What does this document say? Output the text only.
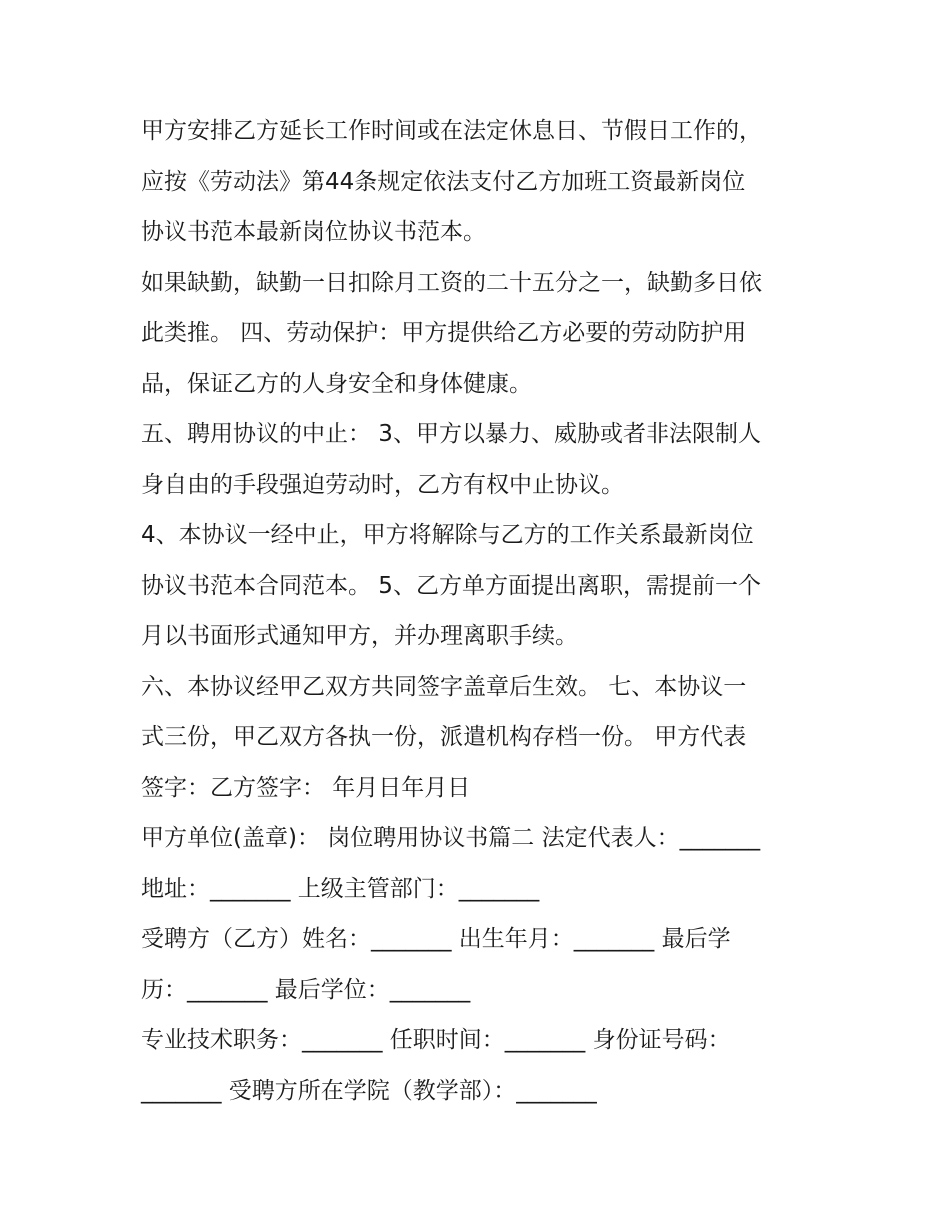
甲方安排乙方延长工作时间或在法定休息日、节假日工作的，
应按《劳动法》第44条规定依法支付乙方加班工资最新岗位
协议书范本最新岗位协议书范本。
如果缺勤，缺勤一日扣除月工资的二十五分之一，缺勤多日依
此类推。 四、劳动保护：甲方提供给乙方必要的劳动防护用
品，保证乙方的人身安全和身体健康。
五、聘用协议的中止： 3、甲方以暴力、威胁或者非法限制人
身自由的手段强迫劳动时，乙方有权中止协议。
4、本协议一经中止，甲方将解除与乙方的工作关系最新岗位
协议书范本合同范本。 5、乙方单方面提出离职，需提前一个
月以书面形式通知甲方，并办理离职手续。
六、本协议经甲乙双方共同签字盖章后生效。 七、本协议一
式三份，甲乙双方各执一份，派遣机构存档一份。 甲方代表
签字：乙方签字： 年月日年月日
甲方单位(盖章)： 岗位聘用协议书篇二 法定代表人：_______
地址：_______ 上级主管部门：_______
受聘方（乙方）姓名：_______ 出生年月：_______ 最后学
历：_______ 最后学位：_______
专业技术职务：_______ 任职时间：_______ 身份证号码：
_______ 受聘方所在学院（教学部）：_______
